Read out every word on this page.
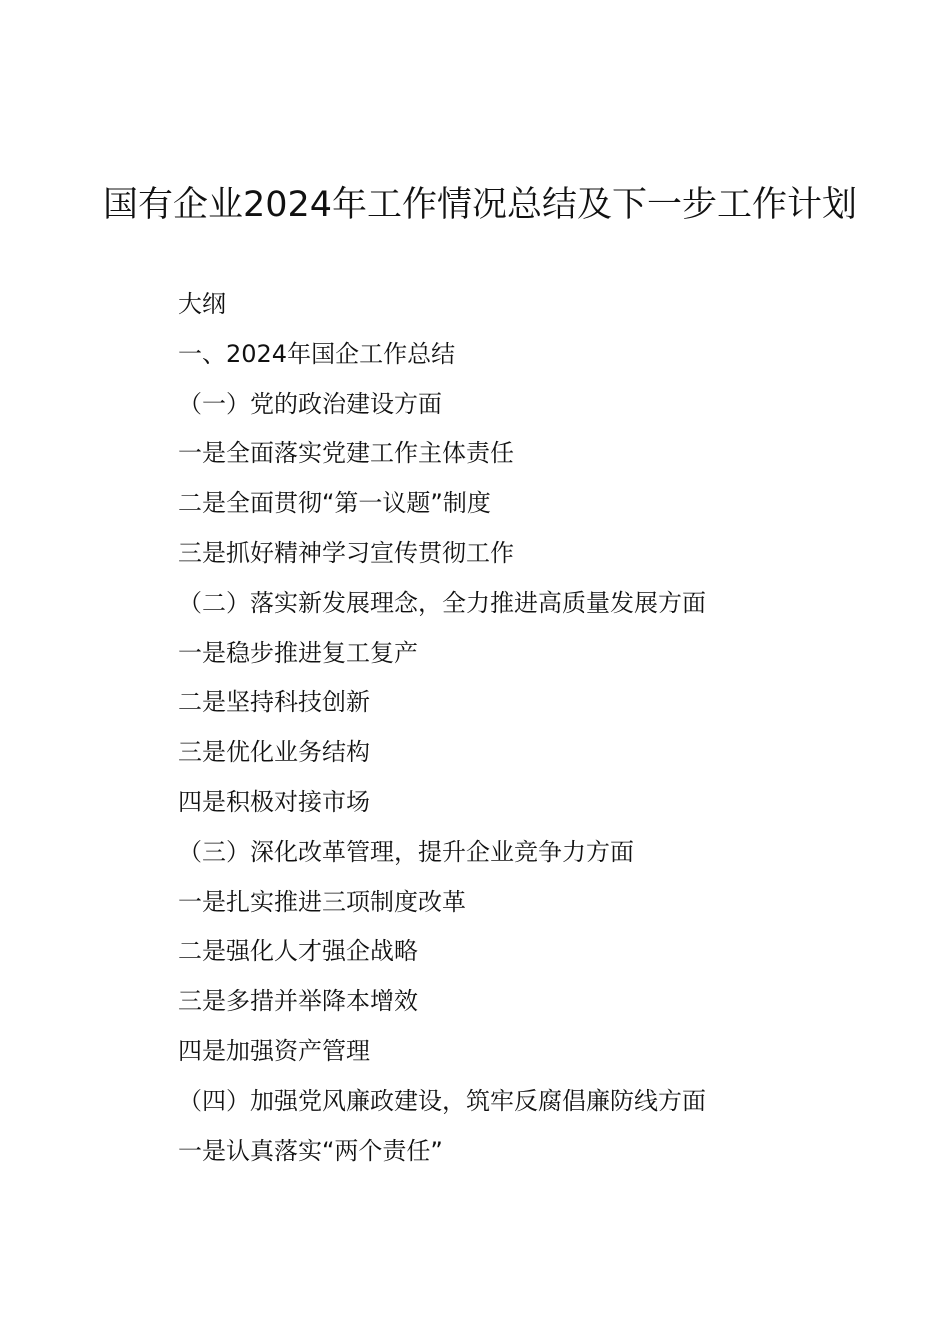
国有企业2024年工作情况总结及下一步工作计划
大纲
一、2024年国企工作总结
（一）党的政治建设方面
一是全面落实党建工作主体责任
二是全面贯彻“第一议题”制度
三是抓好精神学习宣传贯彻工作
（二）落实新发展理念，全力推进高质量发展方面
一是稳步推进复工复产
二是坚持科技创新
三是优化业务结构
四是积极对接市场
（三）深化改革管理，提升企业竞争力方面
一是扎实推进三项制度改革
二是强化人才强企战略
三是多措并举降本增效
四是加强资产管理
（四）加强党风廉政建设，筑牢反腐倡廉防线方面
一是认真落实“两个责任”
